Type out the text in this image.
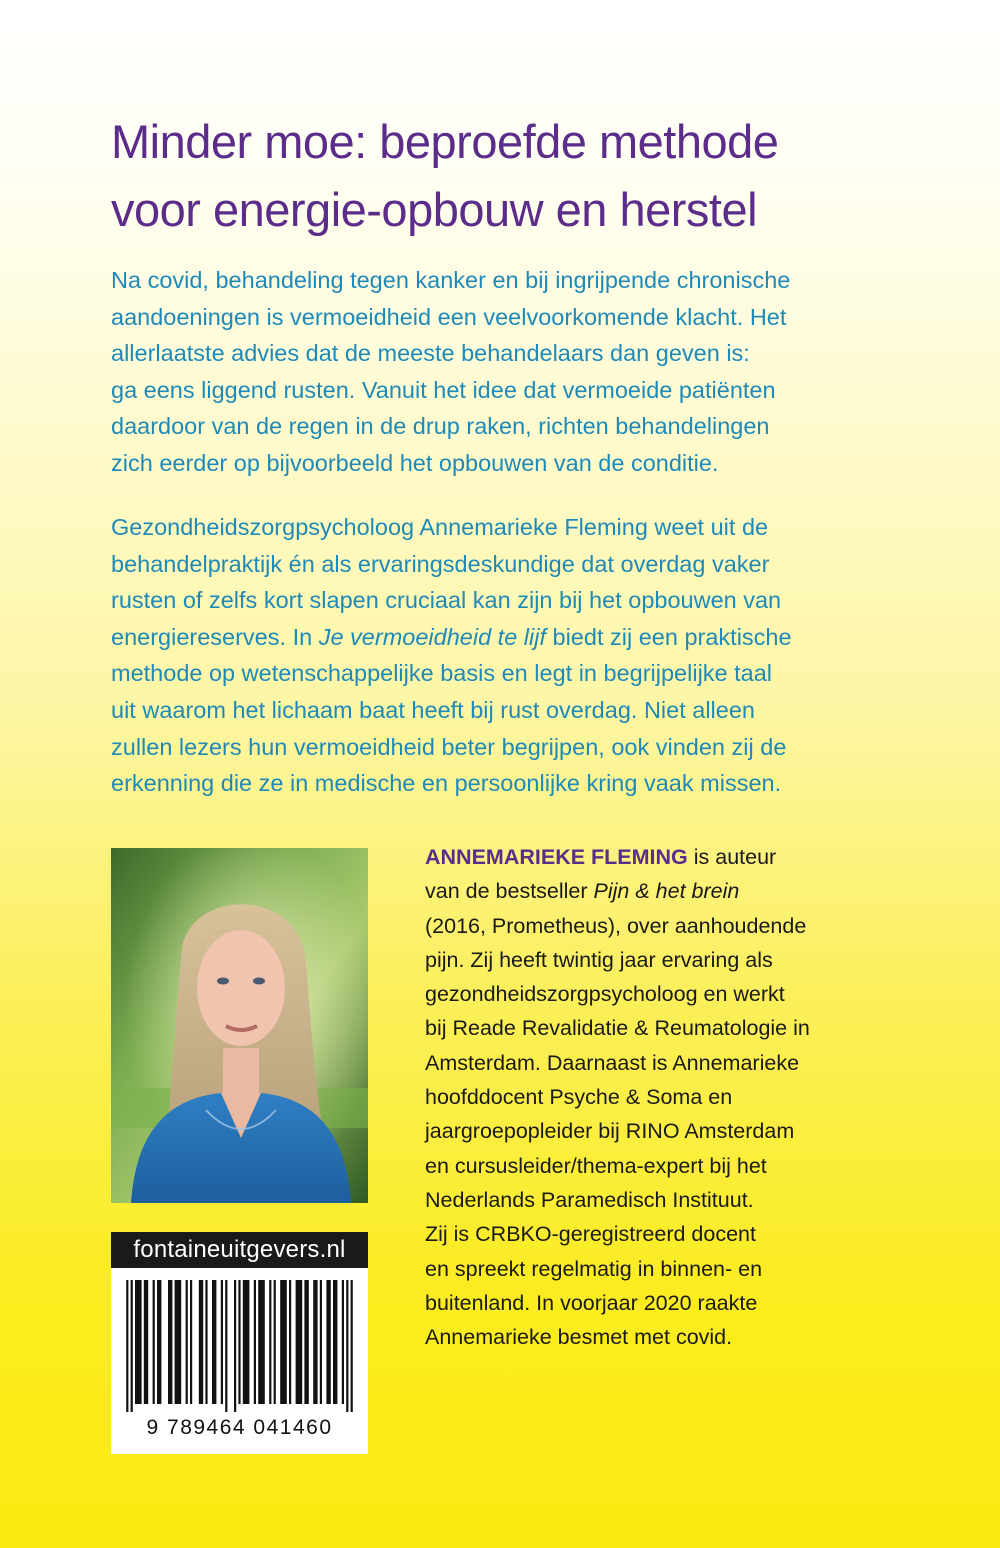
Minder moe: beproefde methode
voor energie-opbouw en herstel
Na covid, behandeling tegen kanker en bij ingrijpende chronische
aandoeningen is vermoeidheid een veelvoorkomende klacht. Het
allerlaatste advies dat de meeste behandelaars dan geven is:
ga eens liggend rusten. Vanuit het idee dat vermoeide patiënten
daardoor van de regen in de drup raken, richten behandelingen
zich eerder op bijvoorbeeld het opbouwen van de conditie.
Gezondheidszorgpsycholoog Annemarieke Fleming weet uit de
behandelpraktijk én als ervaringsdeskundige dat overdag vaker
rusten of zelfs kort slapen cruciaal kan zijn bij het opbouwen van
energiereserves. In Je vermoeidheid te lijf biedt zij een praktische
methode op wetenschappelijke basis en legt in begrijpelijke taal
uit waarom het lichaam baat heeft bij rust overdag. Niet alleen
zullen lezers hun vermoeidheid beter begrijpen, ook vinden zij de
erkenning die ze in medische en persoonlijke kring vaak missen.
ANNEMARIEKE FLEMING is auteur
van de bestseller Pijn & het brein
(2016, Prometheus), over aanhoudende
pijn. Zij heeft twintig jaar ervaring als
gezondheidszorgpsycholoog en werkt
bij Reade Revalidatie & Reumatologie in
Amsterdam. Daarnaast is Annemarieke
hoofddocent Psyche & Soma en
jaargroepopleider bij RINO Amsterdam
en cursusleider/thema-expert bij het
Nederlands Paramedisch Instituut.
Zij is CRBKO-geregistreerd docent
en spreekt regelmatig in binnen- en
buitenland. In voorjaar 2020 raakte
Annemarieke besmet met covid.
fontaineuitgevers.nl
9 789464 041460
